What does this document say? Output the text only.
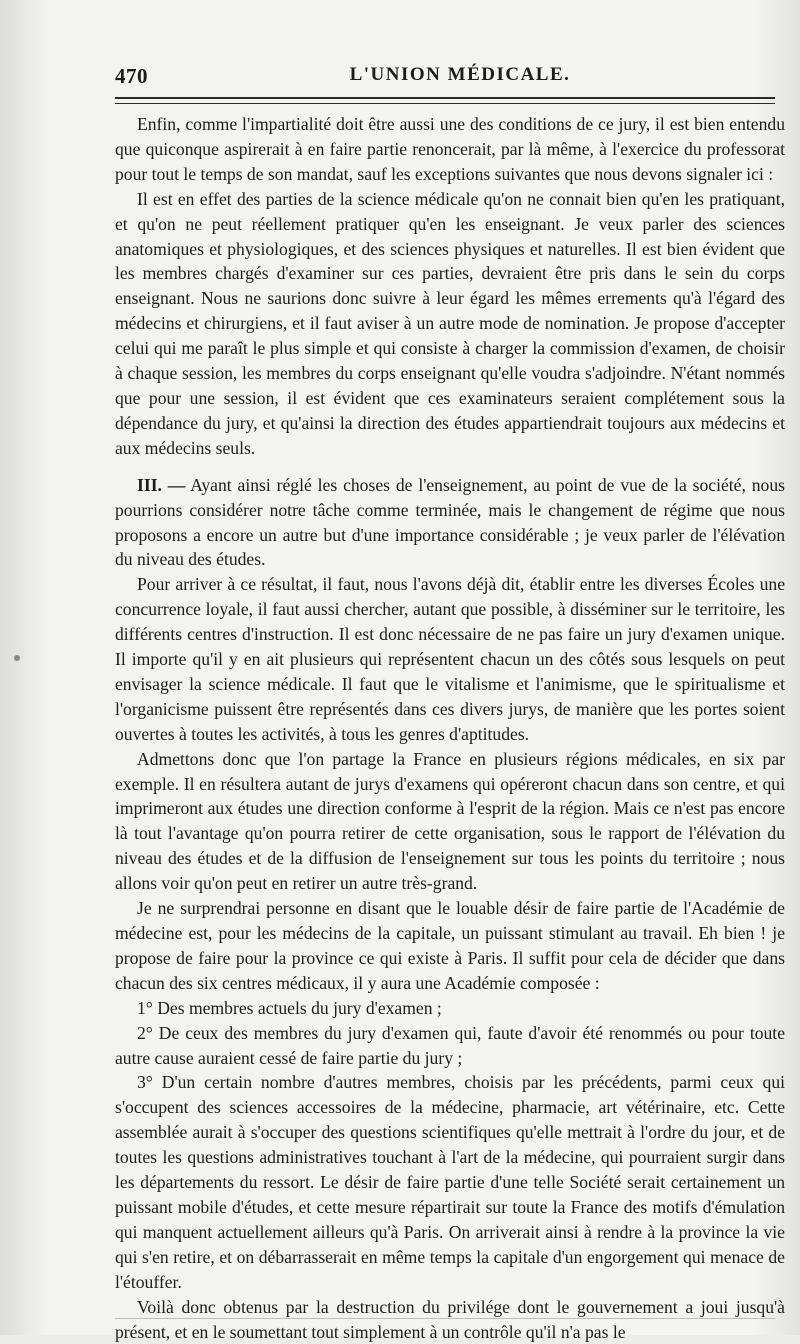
470	L'UNION MÉDICALE.

Enfin, comme l'impartialité doit être aussi une des conditions de ce jury, il est bien entendu que quiconque aspirerait à en faire partie renoncerait, par là même, à l'exercice du professorat pour tout le temps de son mandat, sauf les exceptions suivantes que nous devons signaler ici :

Il est en effet des parties de la science médicale qu'on ne connait bien qu'en les pratiquant, et qu'on ne peut réellement pratiquer qu'en les enseignant. Je veux parler des sciences anatomiques et physiologiques, et des sciences physiques et naturelles. Il est bien évident que les membres chargés d'examiner sur ces parties, devraient être pris dans le sein du corps enseignant. Nous ne saurions donc suivre à leur égard les mêmes errements qu'à l'égard des médecins et chirurgiens, et il faut aviser à un autre mode de nomination. Je propose d'accepter celui qui me paraît le plus simple et qui consiste à charger la commission d'examen, de choisir à chaque session, les membres du corps enseignant qu'elle voudra s'adjoindre. N'étant nommés que pour une session, il est évident que ces examinateurs seraient complétement sous la dépendance du jury, et qu'ainsi la direction des études appartiendrait toujours aux médecins et aux médecins seuls.

III. — Ayant ainsi réglé les choses de l'enseignement, au point de vue de la société, nous pourrions considérer notre tâche comme terminée, mais le changement de régime que nous proposons a encore un autre but d'une importance considérable ; je veux parler de l'élévation du niveau des études.

Pour arriver à ce résultat, il faut, nous l'avons déjà dit, établir entre les diverses Écoles une concurrence loyale, il faut aussi chercher, autant que possible, à disséminer sur le territoire, les différents centres d'instruction. Il est donc nécessaire de ne pas faire un jury d'examen unique. Il importe qu'il y en ait plusieurs qui représentent chacun un des côtés sous lesquels on peut envisager la science médicale. Il faut que le vitalisme et l'animisme, que le spiritualisme et l'organicisme puissent être représentés dans ces divers jurys, de manière que les portes soient ouvertes à toutes les activités, à tous les genres d'aptitudes.

Admettons donc que l'on partage la France en plusieurs régions médicales, en six par exemple. Il en résultera autant de jurys d'examens qui opéreront chacun dans son centre, et qui imprimeront aux études une direction conforme à l'esprit de la région. Mais ce n'est pas encore là tout l'avantage qu'on pourra retirer de cette organisation, sous le rapport de l'élévation du niveau des études et de la diffusion de l'enseignement sur tous les points du territoire ; nous allons voir qu'on peut en retirer un autre très-grand.

Je ne surprendrai personne en disant que le louable désir de faire partie de l'Académie de médecine est, pour les médecins de la capitale, un puissant stimulant au travail. Eh bien ! je propose de faire pour la province ce qui existe à Paris. Il suffit pour cela de décider que dans chacun des six centres médicaux, il y aura une Académie composée :

1° Des membres actuels du jury d'examen ;

2° De ceux des membres du jury d'examen qui, faute d'avoir été renommés ou pour toute autre cause auraient cessé de faire partie du jury ;

3° D'un certain nombre d'autres membres, choisis par les précédents, parmi ceux qui s'occupent des sciences accessoires de la médecine, pharmacie, art vétérinaire, etc. Cette assemblée aurait à s'occuper des questions scientifiques qu'elle mettrait à l'ordre du jour, et de toutes les questions administratives touchant à l'art de la médecine, qui pourraient surgir dans les départements du ressort. Le désir de faire partie d'une telle Société serait certainement un puissant mobile d'études, et cette mesure répartirait sur toute la France des motifs d'émulation qui manquent actuellement ailleurs qu'à Paris. On arriverait ainsi à rendre à la province la vie qui s'en retire, et on débarrasserait en même temps la capitale d'un engorgement qui menace de l'étouffer.

Voilà donc obtenus par la destruction du privilége dont le gouvernement a joui jusqu'à présent, et en le soumettant tout simplement à un contrôle qu'il n'a pas le
